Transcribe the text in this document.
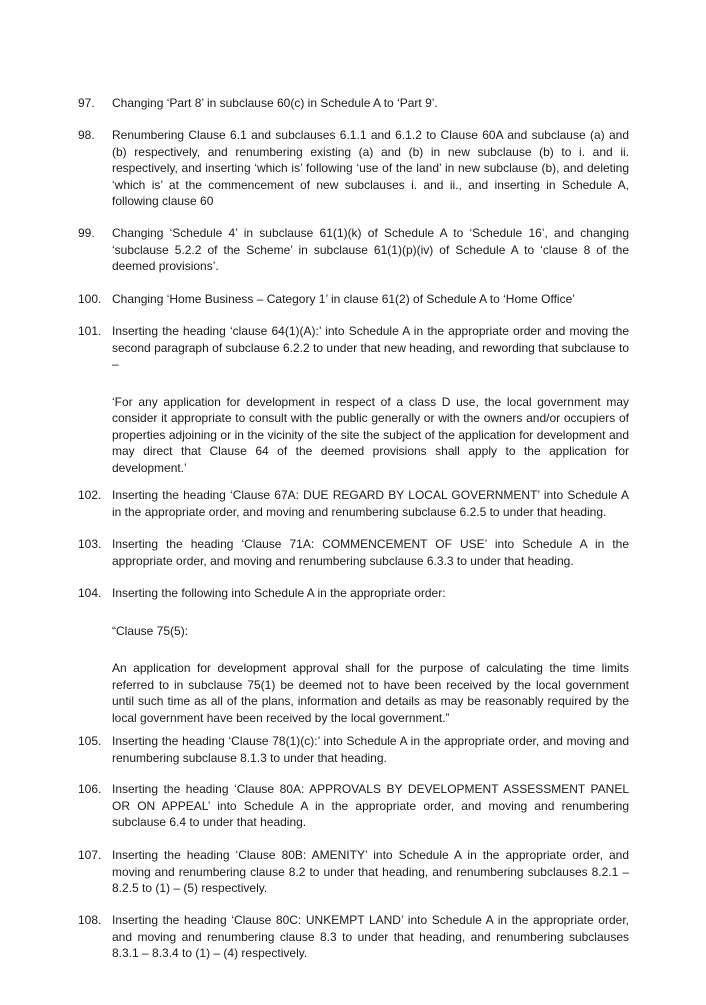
97.	Changing ‘Part 8’ in subclause 60(c) in Schedule A to ‘Part 9’.

98.	Renumbering Clause 6.1 and subclauses 6.1.1 and 6.1.2 to Clause 60A and subclause (a) and (b) respectively, and renumbering existing (a) and (b) in new subclause (b) to i. and ii. respectively, and inserting ‘which is’ following ‘use of the land’ in new subclause (b), and deleting ‘which is’ at the commencement of new subclauses i. and ii., and inserting in Schedule A, following clause 60

99.	Changing ‘Schedule 4’ in subclause 61(1)(k) of Schedule A to ‘Schedule 16’, and changing ‘subclause 5.2.2 of the Scheme’ in subclause 61(1)(p)(iv) of Schedule A to ‘clause 8 of the deemed provisions’.

100. Changing ‘Home Business – Category 1’ in clause 61(2) of Schedule A to ‘Home Office’

101. Inserting the heading ‘clause 64(1)(A):’ into Schedule A in the appropriate order and moving the second paragraph of subclause 6.2.2 to under that new heading, and rewording that subclause to –

‘For any application for development in respect of a class D use, the local government may consider it appropriate to consult with the public generally or with the owners and/or occupiers of properties adjoining or in the vicinity of the site the subject of the application for development and may direct that Clause 64 of the deemed provisions shall apply to the application for development.’

102. Inserting the heading ‘Clause 67A: DUE REGARD BY LOCAL GOVERNMENT’ into Schedule A in the appropriate order, and moving and renumbering subclause 6.2.5 to under that heading.

103. Inserting the heading ‘Clause 71A: COMMENCEMENT OF USE’ into Schedule A in the appropriate order, and moving and renumbering subclause 6.3.3 to under that heading.

104. Inserting the following into Schedule A in the appropriate order:

“Clause 75(5):

An application for development approval shall for the purpose of calculating the time limits referred to in subclause 75(1) be deemed not to have been received by the local government until such time as all of the plans, information and details as may be reasonably required by the local government have been received by the local government.”

105. Inserting the heading ‘Clause 78(1)(c):’ into Schedule A in the appropriate order, and moving and renumbering subclause 8.1.3 to under that heading.

106. Inserting the heading ‘Clause 80A: APPROVALS BY DEVELOPMENT ASSESSMENT PANEL OR ON APPEAL’ into Schedule A in the appropriate order, and moving and renumbering subclause 6.4 to under that heading.

107. Inserting the heading ‘Clause 80B: AMENITY’ into Schedule A in the appropriate order, and moving and renumbering clause 8.2 to under that heading, and renumbering subclauses 8.2.1 – 8.2.5 to (1) – (5) respectively.

108. Inserting the heading ‘Clause 80C: UNKEMPT LAND’ into Schedule A in the appropriate order, and moving and renumbering clause 8.3 to under that heading, and renumbering subclauses 8.3.1 – 8.3.4 to (1) – (4) respectively.
